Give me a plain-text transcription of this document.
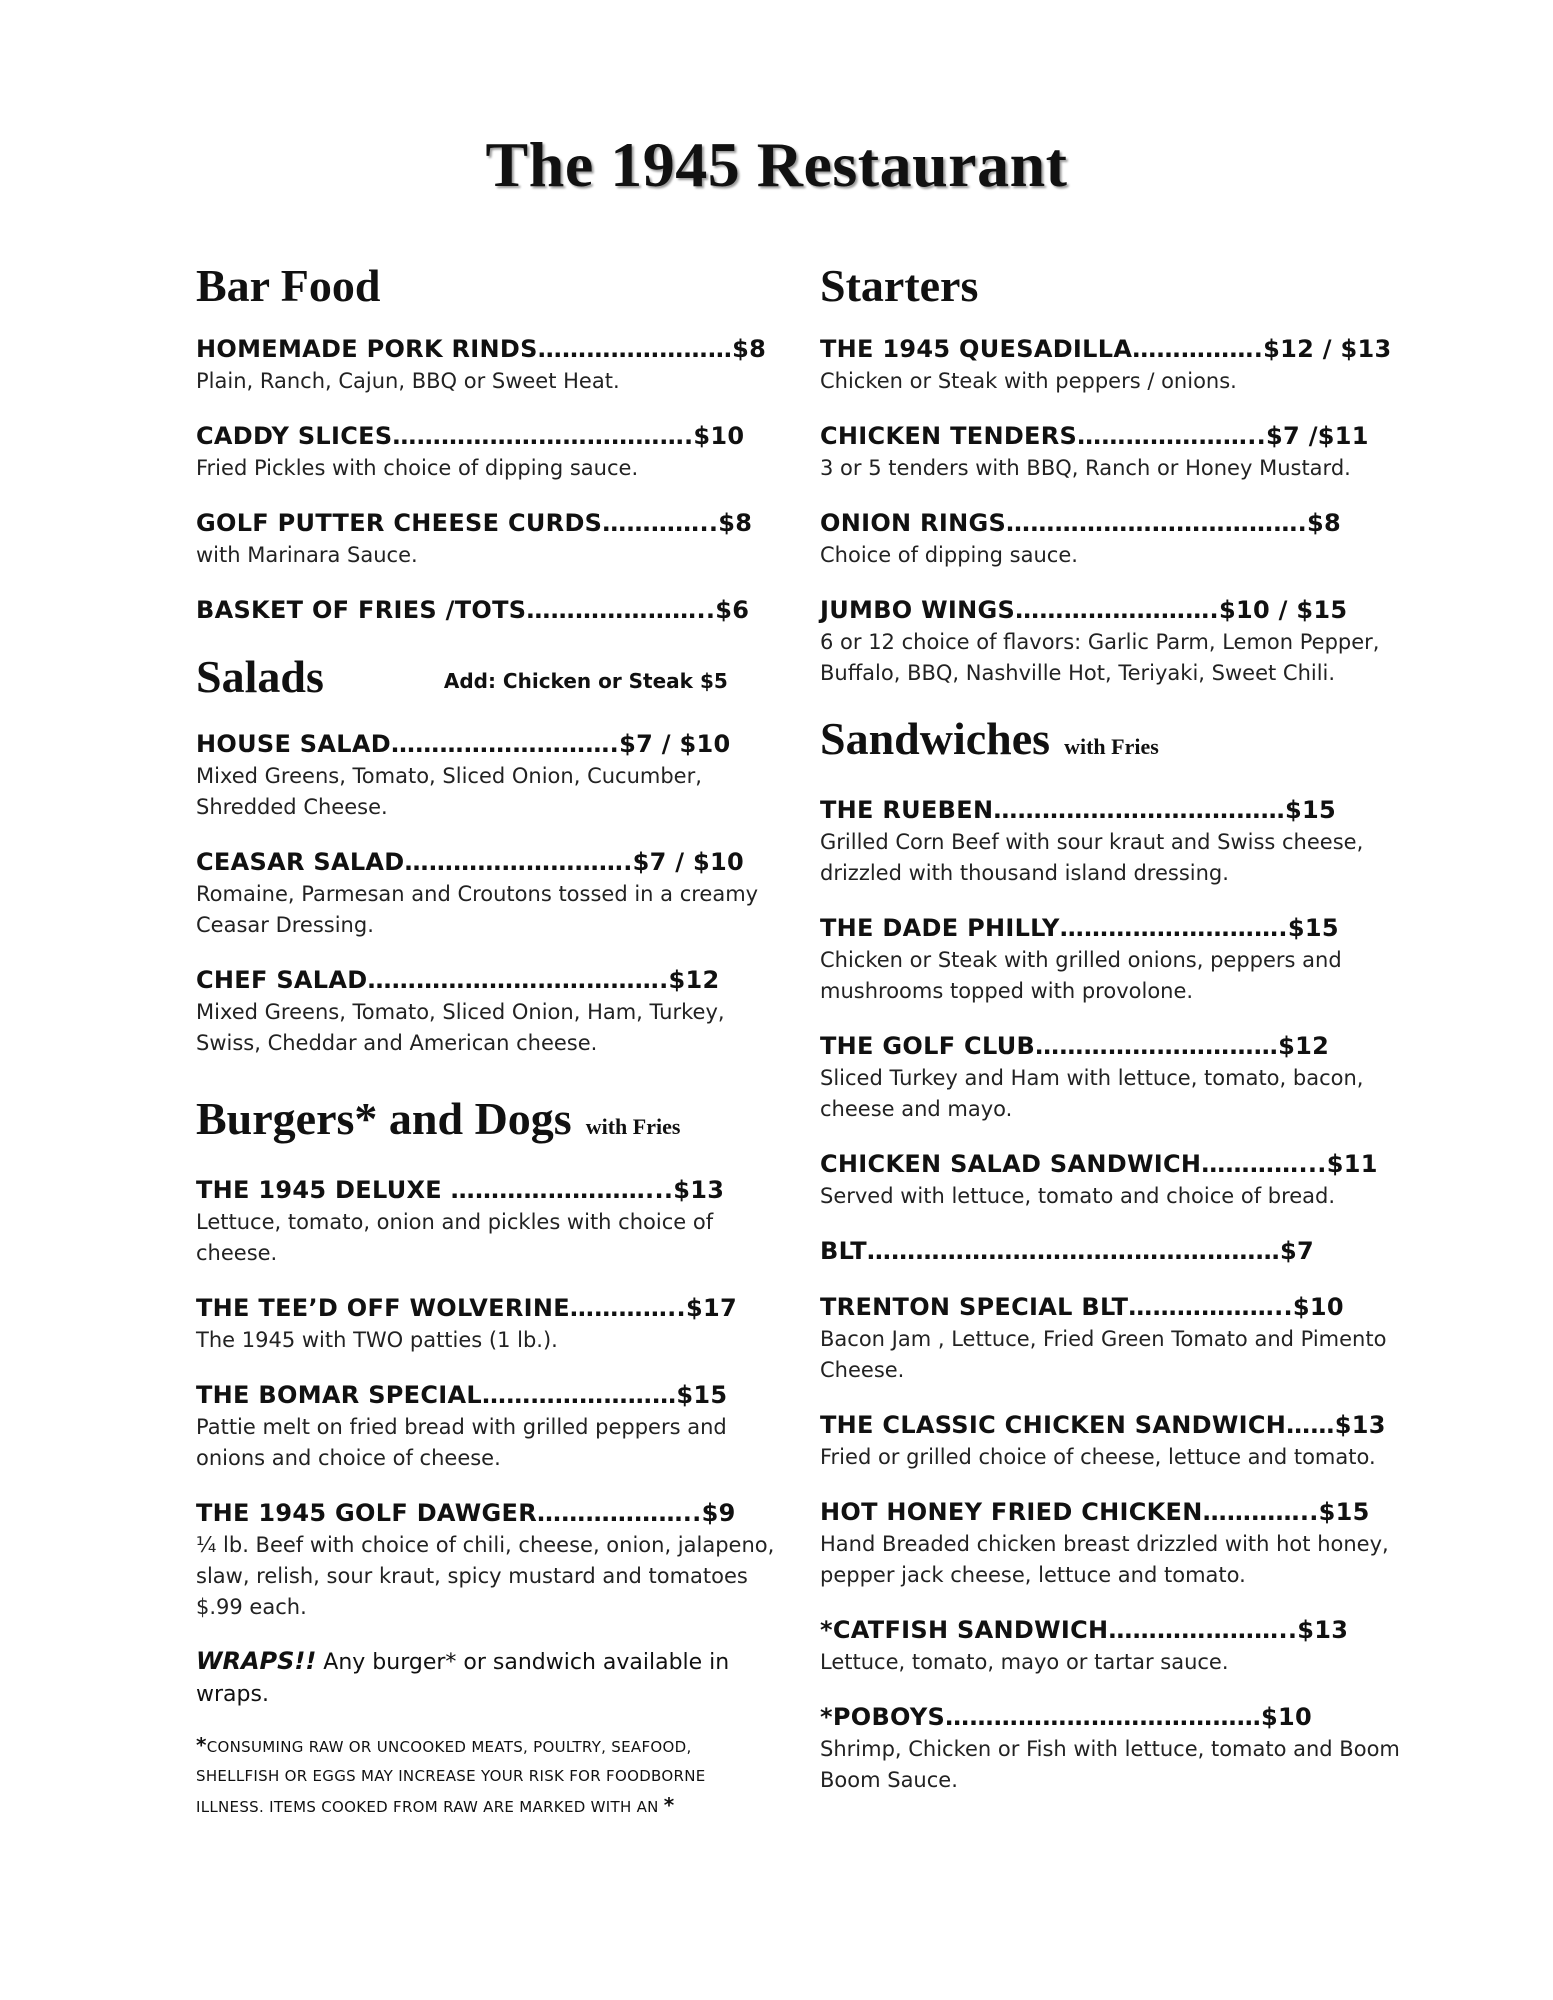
The 1945 Restaurant
Bar Food
HOMEMADE PORK RINDS……………………$8
Plain, Ranch, Cajun, BBQ or Sweet Heat.
CADDY SLICES……………………………….$10
Fried Pickles with choice of dipping sauce.
GOLF PUTTER CHEESE CURDS…………..$8
with Marinara Sauce.
BASKET OF FRIES /TOTS…………………..$6
Salads	Add: Chicken or Steak $5
HOUSE SALAD……………………….$7 / $10
Mixed Greens, Tomato, Sliced Onion, Cucumber, Shredded Cheese.
CEASAR SALAD……………………….$7 / $10
Romaine, Parmesan and Croutons tossed in a creamy Ceasar Dressing.
CHEF SALAD……………………………….$12
Mixed Greens, Tomato, Sliced Onion, Ham, Turkey, Swiss, Cheddar and American cheese.
Burgers* and Dogs with Fries
THE 1945 DELUXE ……………………...$13
Lettuce, tomato, onion and pickles with choice of cheese.
THE TEE’D OFF WOLVERINE…………..$17
The 1945 with TWO patties (1 lb.).
THE BOMAR SPECIAL……………………$15
Pattie melt on fried bread with grilled peppers and onions and choice of cheese.
THE 1945 GOLF DAWGER………………..$9
¼ lb. Beef with choice of chili, cheese, onion, jalapeno, slaw, relish, sour kraut, spicy mustard and tomatoes $.99 each.
WRAPS!! Any burger* or sandwich available in wraps.
*CONSUMING RAW OR UNCOOKED MEATS, POULTRY, SEAFOOD, SHELLFISH OR EGGS MAY INCREASE YOUR RISK FOR FOODBORNE ILLNESS. ITEMS COOKED FROM RAW ARE MARKED WITH AN *
Starters
THE 1945 QUESADILLA…………….$12 / $13
Chicken or Steak with peppers / onions.
CHICKEN TENDERS…………………..$7 /$11
3 or 5 tenders with BBQ, Ranch or Honey Mustard.
ONION RINGS……………………………….$8
Choice of dipping sauce.
JUMBO WINGS…………………….$10 / $15
6 or 12 choice of flavors: Garlic Parm, Lemon Pepper, Buffalo, BBQ, Nashville Hot, Teriyaki, Sweet Chili.
Sandwiches with Fries
THE RUEBEN………………………………$15
Grilled Corn Beef with sour kraut and Swiss cheese, drizzled with thousand island dressing.
THE DADE PHILLY……………………….$15
Chicken or Steak with grilled onions, peppers and mushrooms topped with provolone.
THE GOLF CLUB…………………………$12
Sliced Turkey and Ham with lettuce, tomato, bacon, cheese and mayo.
CHICKEN SALAD SANDWICH…………...$11
Served with lettuce, tomato and choice of bread.
BLT……………………………………………$7
TRENTON SPECIAL BLT………………..$10
Bacon Jam , Lettuce, Fried Green Tomato and Pimento Cheese.
THE CLASSIC CHICKEN SANDWICH……$13
Fried or grilled choice of cheese, lettuce and tomato.
HOT HONEY FRIED CHICKEN…………..$15
Hand Breaded chicken breast drizzled with hot honey, pepper jack cheese, lettuce and tomato.
*CATFISH SANDWICH…………………..$13
Lettuce, tomato, mayo or tartar sauce.
*POBOYS…………………………………$10
Shrimp, Chicken or Fish with lettuce, tomato and Boom Boom Sauce.
